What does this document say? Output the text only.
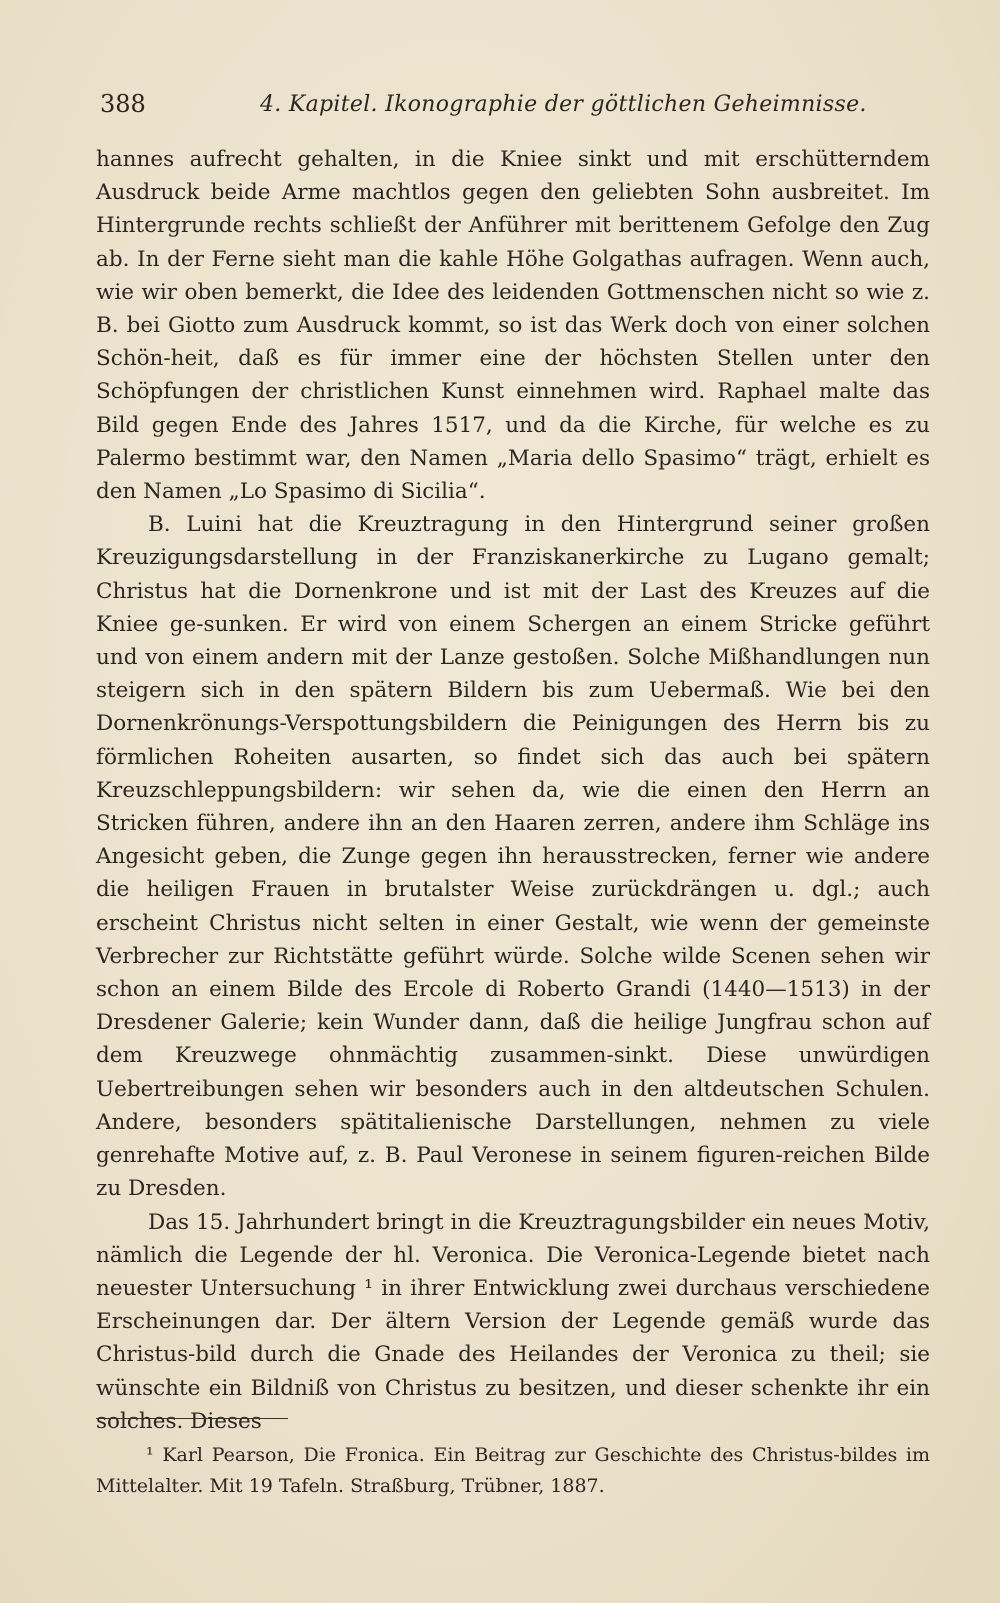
388	4. Kapitel. Ikonographie der göttlichen Geheimnisse.

hannes aufrecht gehalten, in die Kniee sinkt und mit erschütterndem Ausdruck beide Arme machtlos gegen den geliebten Sohn ausbreitet. Im Hintergrunde rechts schließt der Anführer mit berittenem Gefolge den Zug ab. In der Ferne sieht man die kahle Höhe Golgathas aufragen. Wenn auch, wie wir oben bemerkt, die Idee des leidenden Gottmenschen nicht so wie z. B. bei Giotto zum Ausdruck kommt, so ist das Werk doch von einer solchen Schön-heit, daß es für immer eine der höchsten Stellen unter den Schöpfungen der christlichen Kunst einnehmen wird. Raphael malte das Bild gegen Ende des Jahres 1517, und da die Kirche, für welche es zu Palermo bestimmt war, den Namen „Maria dello Spasimo“ trägt, erhielt es den Namen „Lo Spasimo di Sicilia“.

B. Luini hat die Kreuztragung in den Hintergrund seiner großen Kreuzigungsdarstellung in der Franziskanerkirche zu Lugano gemalt; Christus hat die Dornenkrone und ist mit der Last des Kreuzes auf die Kniee ge-sunken. Er wird von einem Schergen an einem Stricke geführt und von einem andern mit der Lanze gestoßen. Solche Mißhandlungen nun steigern sich in den spätern Bildern bis zum Uebermaß. Wie bei den Dornenkrönungs-Verspottungsbildern die Peinigungen des Herrn bis zu förmlichen Roheiten ausarten, so findet sich das auch bei spätern Kreuzschleppungsbildern: wir sehen da, wie die einen den Herrn an Stricken führen, andere ihn an den Haaren zerren, andere ihm Schläge ins Angesicht geben, die Zunge gegen ihn herausstrecken, ferner wie andere die heiligen Frauen in brutalster Weise zurückdrängen u. dgl.; auch erscheint Christus nicht selten in einer Gestalt, wie wenn der gemeinste Verbrecher zur Richtstätte geführt würde. Solche wilde Scenen sehen wir schon an einem Bilde des Ercole di Roberto Grandi (1440—1513) in der Dresdener Galerie; kein Wunder dann, daß die heilige Jungfrau schon auf dem Kreuzwege ohnmächtig zusammen-sinkt. Diese unwürdigen Uebertreibungen sehen wir besonders auch in den altdeutschen Schulen. Andere, besonders spätitalienische Darstellungen, nehmen zu viele genrehafte Motive auf, z. B. Paul Veronese in seinem figuren-reichen Bilde zu Dresden.

Das 15. Jahrhundert bringt in die Kreuztragungsbilder ein neues Motiv, nämlich die Legende der hl. Veronica. Die Veronica-Legende bietet nach neuester Untersuchung ¹ in ihrer Entwicklung zwei durchaus verschiedene Erscheinungen dar. Der ältern Version der Legende gemäß wurde das Christus-bild durch die Gnade des Heilandes der Veronica zu theil; sie wünschte ein Bildniß von Christus zu besitzen, und dieser schenkte ihr ein solches. Dieses

¹ Karl Pearson, Die Fronica. Ein Beitrag zur Geschichte des Christus-bildes im Mittelalter. Mit 19 Tafeln. Straßburg, Trübner, 1887.
